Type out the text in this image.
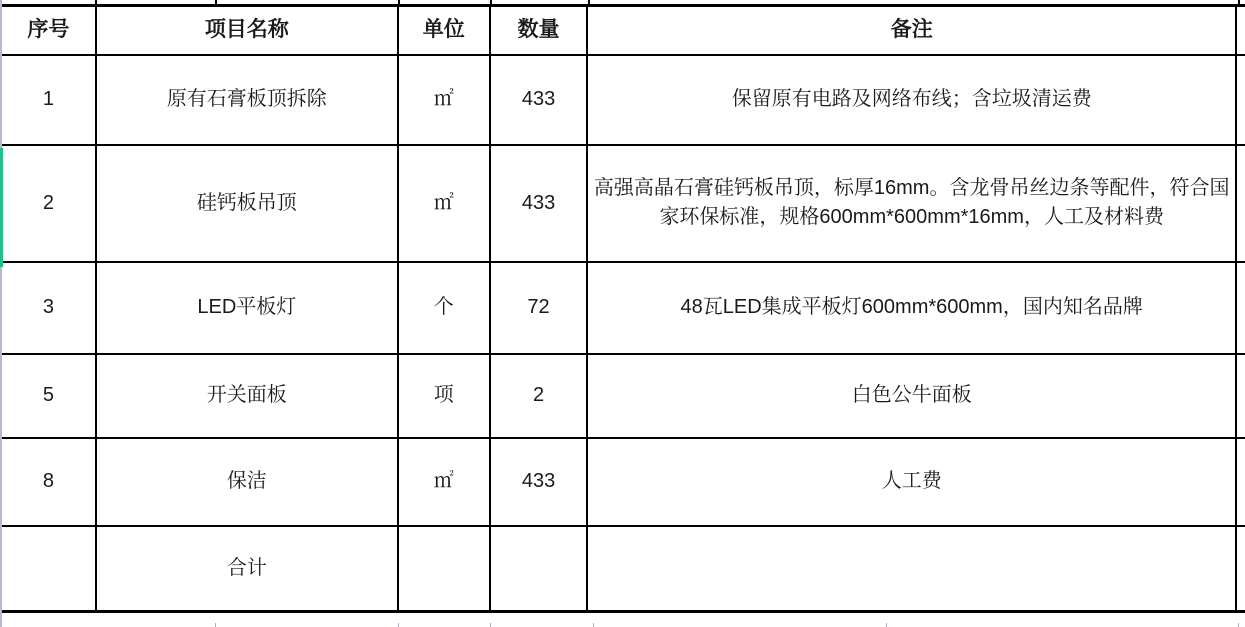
序号	项目名称	单位	数量	备注	
1	原有石膏板顶拆除	㎡	433	保留原有电路及网络布线；含垃圾清运费	
2	硅钙板吊顶	㎡	433	高强高晶石膏硅钙板吊顶，标厚16mm。含龙骨吊丝边条等配件，符合国家环保标准，规格600mm*600mm*16mm，人工及材料费	
3	LED平板灯	个	72	48瓦LED集成平板灯600mm*600mm，国内知名品牌	
5	开关面板	项	2	白色公牛面板	
8	保洁	㎡	433	人工费	
	合计				
